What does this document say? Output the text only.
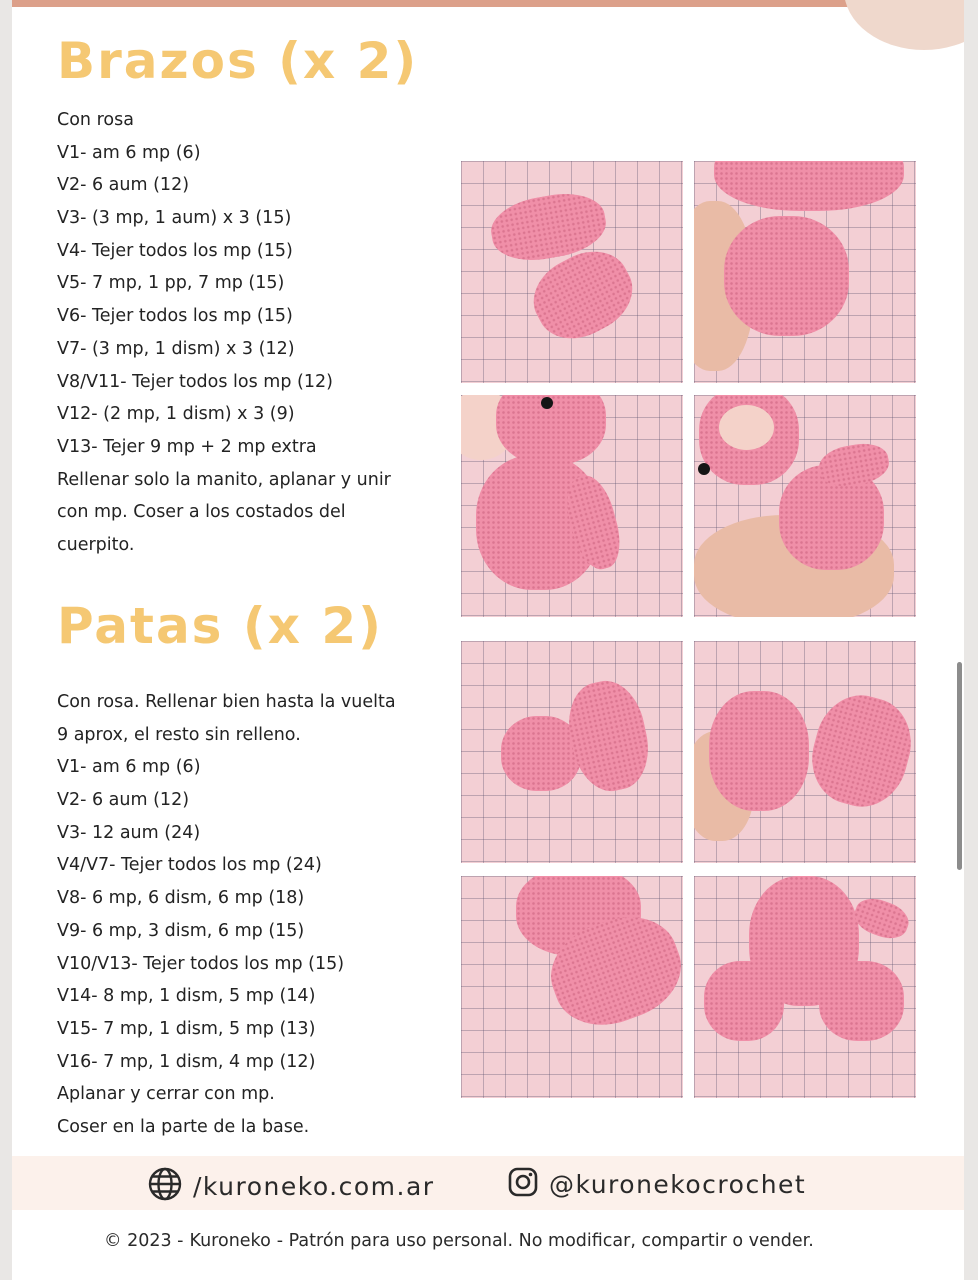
Brazos (x 2)
Con rosa
V1- am 6 mp (6)
V2- 6 aum (12)
V3- (3 mp, 1 aum) x 3 (15)
V4- Tejer todos los mp (15)
V5- 7 mp, 1 pp, 7 mp (15)
V6- Tejer todos los mp (15)
V7- (3 mp, 1 dism) x 3 (12)
V8/V11- Tejer todos los mp (12)
V12- (2 mp, 1 dism) x 3 (9)
V13- Tejer 9 mp + 2 mp extra
Rellenar solo la manito, aplanar y unir
con mp. Coser a los costados del
cuerpito.
Patas (x 2)
Con rosa. Rellenar bien hasta la vuelta
9 aprox, el resto sin relleno.
V1- am 6 mp (6)
V2- 6 aum (12)
V3- 12 aum (24)
V4/V7- Tejer todos los mp (24)
V8- 6 mp, 6 dism, 6 mp (18)
V9- 6 mp, 3 dism, 6 mp (15)
V10/V13- Tejer todos los mp (15)
V14- 8 mp, 1 dism, 5 mp (14)
V15- 7 mp, 1 dism, 5 mp (13)
V16- 7 mp, 1 dism, 4 mp (12)
Aplanar y cerrar con mp.
Coser en la parte de la base.
/kuroneko.com.ar	@kuronekocrochet
© 2023 - Kuroneko - Patrón para uso personal. No modificar, compartir o vender.
